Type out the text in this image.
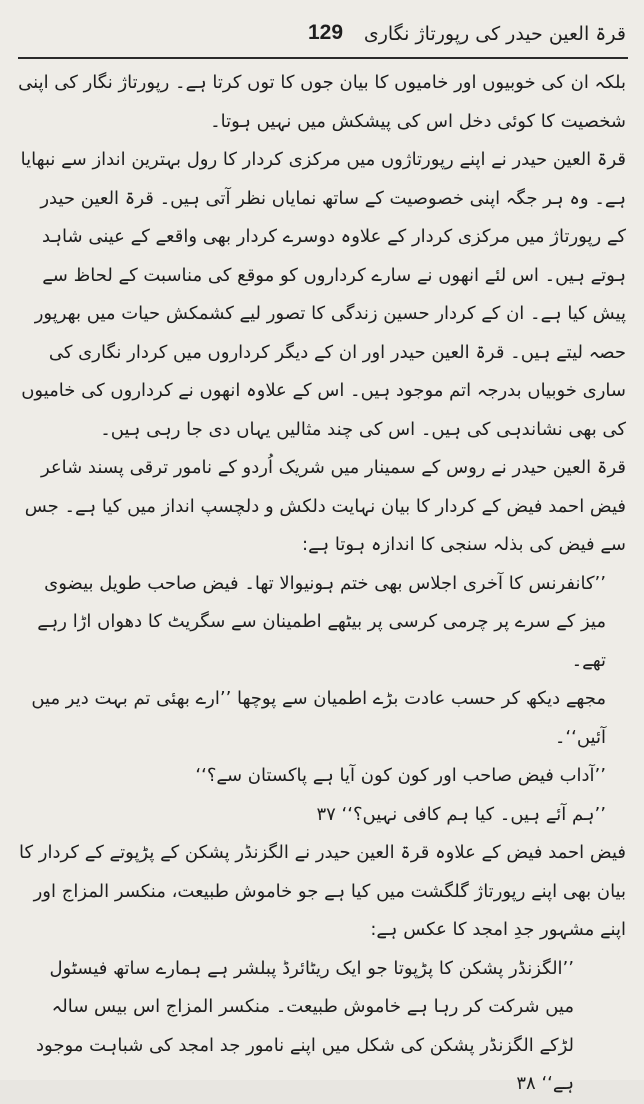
129 قرۃ العین حیدر کی رپورتاژ نگاری

بلکہ ان کی خوبیوں اور خامیوں کا بیان جوں کا توں کرتا ہے۔ رپورتاژ نگار کی اپنی شخصیت کا کوئی دخل اس کی پیشکش میں نہیں ہوتا۔

قرۃ العین حیدر نے اپنے رپورتاژوں میں مرکزی کردار کا رول بہترین انداز سے نبھایا ہے۔ وہ ہر جگہ اپنی خصوصیت کے ساتھ نمایاں نظر آتی ہیں۔ قرۃ العین حیدر کے رپورتاژ میں مرکزی کردار کے علاوہ دوسرے کردار بھی واقعے کے عینی شاہد ہوتے ہیں۔ اس لئے انھوں نے سارے کرداروں کو موقع کی مناسبت کے لحاظ سے پیش کیا ہے۔ ان کے کردار حسین زندگی کا تصور لیے کشمکش حیات میں بھرپور حصہ لیتے ہیں۔ قرۃ العین حیدر اور ان کے دیگر کرداروں میں کردار نگاری کی ساری خوبیاں بدرجہ اتم موجود ہیں۔ اس کے علاوہ انھوں نے کرداروں کی خامیوں کی بھی نشاندہی کی ہیں۔ اس کی چند مثالیں یہاں دی جا رہی ہیں۔

قرۃ العین حیدر نے روس کے سمینار میں شریک اُردو کے نامور ترقی پسند شاعر فیض احمد فیض کے کردار کا بیان نہایت دلکش و دلچسپ انداز میں کیا ہے۔ جس سے فیض کی بذلہ سنجی کا اندازہ ہوتا ہے:

’’کانفرنس کا آخری اجلاس بھی ختم ہونیوالا تھا۔ فیض صاحب طویل بیضوی میز کے سرے پر چرمی کرسی پر بیٹھے اطمینان سے سگریٹ کا دھواں اڑا رہے تھے۔

مجھے دیکھ کر حسب عادت بڑے اطمیان سے پوچھا ’’ارے بھئی تم بہت دیر میں آئیں‘‘۔

’’آداب فیض صاحب اور کون کون آیا ہے پاکستان سے؟‘‘

’’ہم آئے ہیں۔ کیا ہم کافی نہیں؟‘‘ ۳۷

فیض احمد فیض کے علاوہ قرۃ العین حیدر نے الگزنڈر پشکن کے پڑپوتے کے کردار کا بیان بھی اپنے رپورتاژ گلگشت میں کیا ہے جو خاموش طبیعت، منکسر المزاج اور اپنے مشہور جدِ امجد کا عکس ہے:

’’الگزنڈر پشکن کا پڑپوتا جو ایک ریٹائرڈ پبلشر ہے ہمارے ساتھ فیسٹول میں شرکت کر رہا ہے خاموش طبیعت۔ منکسر المزاج اس بیس سالہ لڑکے الگزنڈر پشکن کی شکل میں اپنے نامور جد امجد کی شباہت موجود ہے‘‘ ۳۸
